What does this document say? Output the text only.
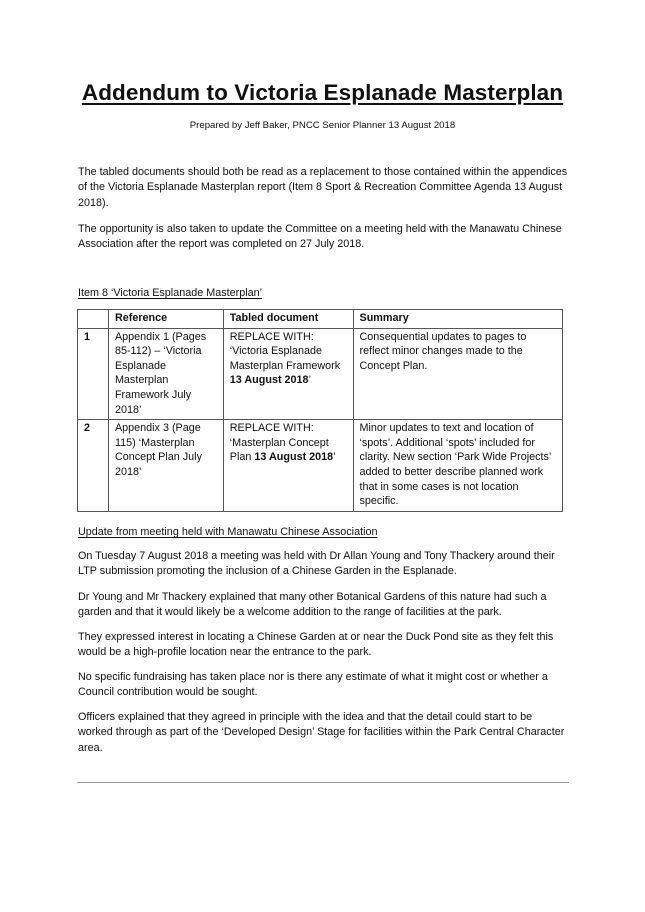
Addendum to Victoria Esplanade Masterplan
Prepared by Jeff Baker, PNCC Senior Planner 13 August 2018

The tabled documents should both be read as a replacement to those contained within the appendices of the Victoria Esplanade Masterplan report (Item 8 Sport & Recreation Committee Agenda 13 August 2018).

The opportunity is also taken to update the Committee on a meeting held with the Manawatu Chinese Association after the report was completed on 27 July 2018.

Item 8 ‘Victoria Esplanade Masterplan’
	Reference	Tabled document	Summary
1	Appendix 1 (Pages 85-112) – ‘Victoria Esplanade Masterplan Framework July 2018’	REPLACE WITH:
‘Victoria Esplanade Masterplan Framework 13 August 2018’	Consequential updates to pages to reflect minor changes made to the Concept Plan.
2	Appendix 3 (Page 115) ‘Masterplan Concept Plan July 2018’	REPLACE WITH:
‘Masterplan Concept Plan 13 August 2018’	Minor updates to text and location of ‘spots’. Additional ‘spots’ included for clarity. New section ‘Park Wide Projects’ added to better describe planned work that in some cases is not location specific.
Update from meeting held with Manawatu Chinese Association

On Tuesday 7 August 2018 a meeting was held with Dr Allan Young and Tony Thackery around their LTP submission promoting the inclusion of a Chinese Garden in the Esplanade.

Dr Young and Mr Thackery explained that many other Botanical Gardens of this nature had such a garden and that it would likely be a welcome addition to the range of facilities at the park.

They expressed interest in locating a Chinese Garden at or near the Duck Pond site as they felt this would be a high-profile location near the entrance to the park.

No specific fundraising has taken place nor is there any estimate of what it might cost or whether a Council contribution would be sought.

Officers explained that they agreed in principle with the idea and that the detail could start to be worked through as part of the ‘Developed Design’ Stage for facilities within the Park Central Character area.
